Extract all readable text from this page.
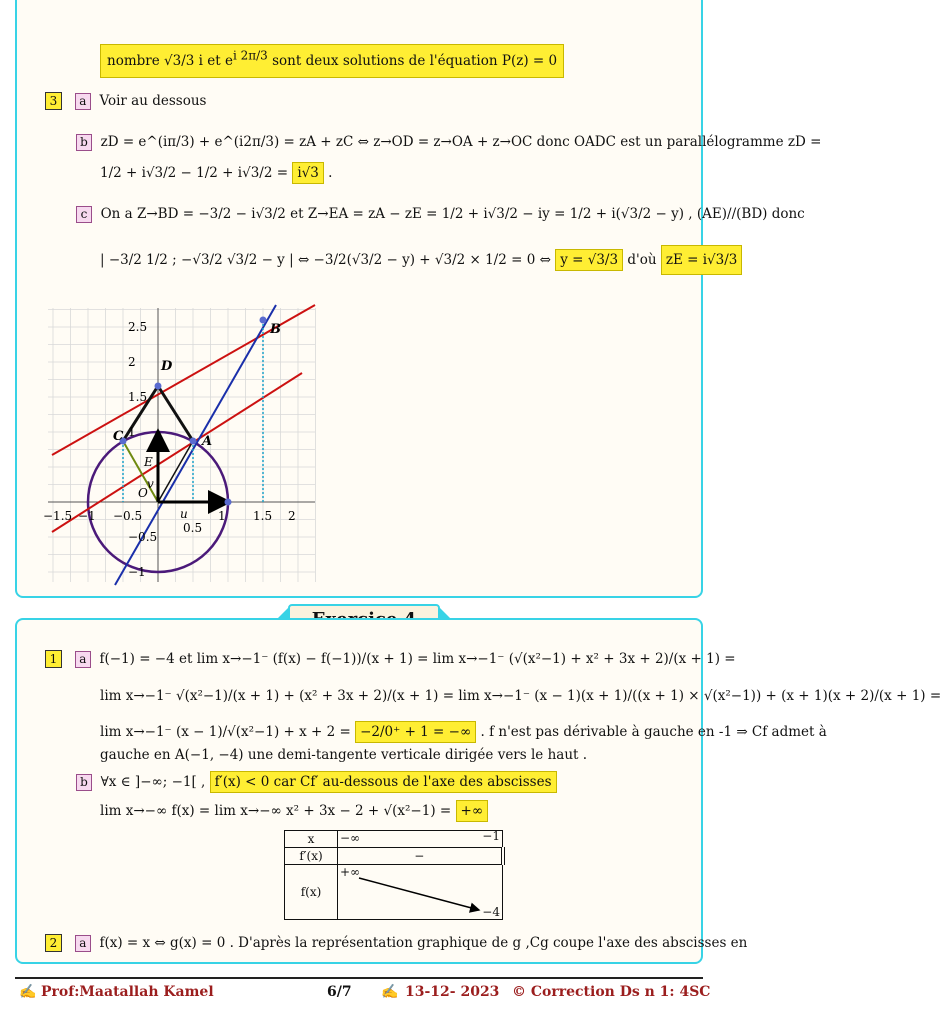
nombre √3/3 i et $e^{i 2\pi/3}$ sont deux solutions de l'équation P(z) = 0
3 a Voir au dessous
b zD = e^(iπ/3) + e^(i2π/3) = zA + zC ⇔ z→OD = z→OA + z→OC donc OADC est un parallélogramme zD =
1/2 + i√3/2 − 1/2 + i√3/2 = i√3 .
c On a Z→BD = −3/2 − i√3/2 et Z→EA = zA − zE = 1/2 + i√3/2 − iy = 1/2 + i(√3/2 − y) , (AE)//(BD) donc
| −3/2 1/2 ; −√3/2 √3/2 − y | ⇔ −3/2(√3/2 − y) + √3/2 × 1/2 = 0 ⇔ y = √3/3 d'où zE = i√3/3
A
B
C
D
E
O
u
v
−1.5 −1 −0.5
0.5
1 1.5 2
2.5
2
1.5
1
−0.5
−1
1 a f(−1) = −4 et lim x→−1⁻ (f(x) − f(−1))/(x + 1) = lim x→−1⁻ (√(x²−1) + x² + 3x + 2)/(x + 1) =
lim x→−1⁻ √(x²−1)/(x + 1) + (x² + 3x + 2)/(x + 1) = lim x→−1⁻ (x − 1)(x + 1)/((x + 1) × √(x²−1)) + (x + 1)(x + 2)/(x + 1) =
lim x→−1⁻ (x − 1)/√(x²−1) + x + 2 = −2/0⁺ + 1 = −∞ . f n'est pas dérivable à gauche en -1 ⇒ Cf admet à
gauche en A(−1, −4) une demi-tangente verticale dirigée vers le haut .
b ∀x ∈ ]−∞; −1[ , f′(x) < 0 car Cf′ au-dessous de l'axe des abscisses
lim x→−∞ f(x) = lim x→−∞ x² + 3x − 2 + √(x²−1) = +∞
x	−∞ −1

f′(x)	−
f(x)	+∞
−4
2 a f(x) = x ⇔ g(x) = 0 . D'après la représentation graphique de g ,Cg coupe l'axe des abscisses en
✍ Prof:Maatallah Kamel	6/7 ✍ 13-12- 2023 © Correction Ds n 1: 4SC
